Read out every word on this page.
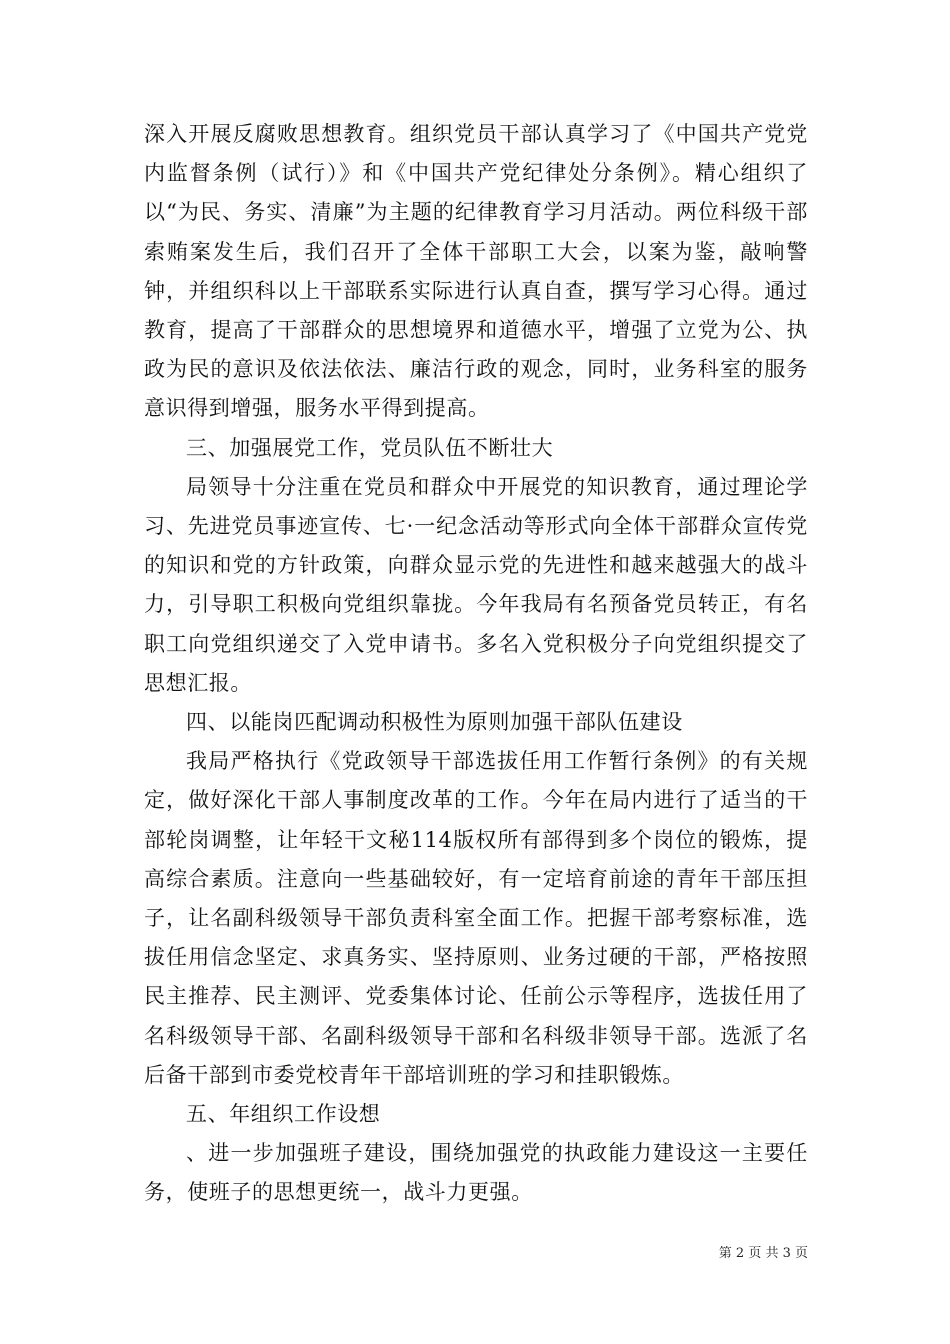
深入开展反腐败思想教育。组织党员干部认真学习了《中国共产党党内监督条例（试行）》和《中国共产党纪律处分条例》。精心组织了以“为民、务实、清廉”为主题的纪律教育学习月活动。两位科级干部索贿案发生后，我们召开了全体干部职工大会，以案为鉴，敲响警钟，并组织科以上干部联系实际进行认真自查，撰写学习心得。通过教育，提高了干部群众的思想境界和道德水平，增强了立党为公、执政为民的意识及依法依法、廉洁行政的观念，同时，业务科室的服务意识得到增强，服务水平得到提高。

三、加强展党工作，党员队伍不断壮大

局领导十分注重在党员和群众中开展党的知识教育，通过理论学习、先进党员事迹宣传、七·一纪念活动等形式向全体干部群众宣传党的知识和党的方针政策，向群众显示党的先进性和越来越强大的战斗力，引导职工积极向党组织靠拢。今年我局有名预备党员转正，有名职工向党组织递交了入党申请书。多名入党积极分子向党组织提交了思想汇报。

四、以能岗匹配调动积极性为原则加强干部队伍建设

我局严格执行《党政领导干部选拔任用工作暂行条例》的有关规定，做好深化干部人事制度改革的工作。今年在局内进行了适当的干部轮岗调整，让年轻干文秘114版权所有部得到多个岗位的锻炼，提高综合素质。注意向一些基础较好，有一定培育前途的青年干部压担子，让名副科级领导干部负责科室全面工作。把握干部考察标准，选拔任用信念坚定、求真务实、坚持原则、业务过硬的干部，严格按照民主推荐、民主测评、党委集体讨论、任前公示等程序，选拔任用了名科级领导干部、名副科级领导干部和名科级非领导干部。选派了名后备干部到市委党校青年干部培训班的学习和挂职锻炼。

五、年组织工作设想

、进一步加强班子建设，围绕加强党的执政能力建设这一主要任务，使班子的思想更统一，战斗力更强。

第 2 页 共 3 页
